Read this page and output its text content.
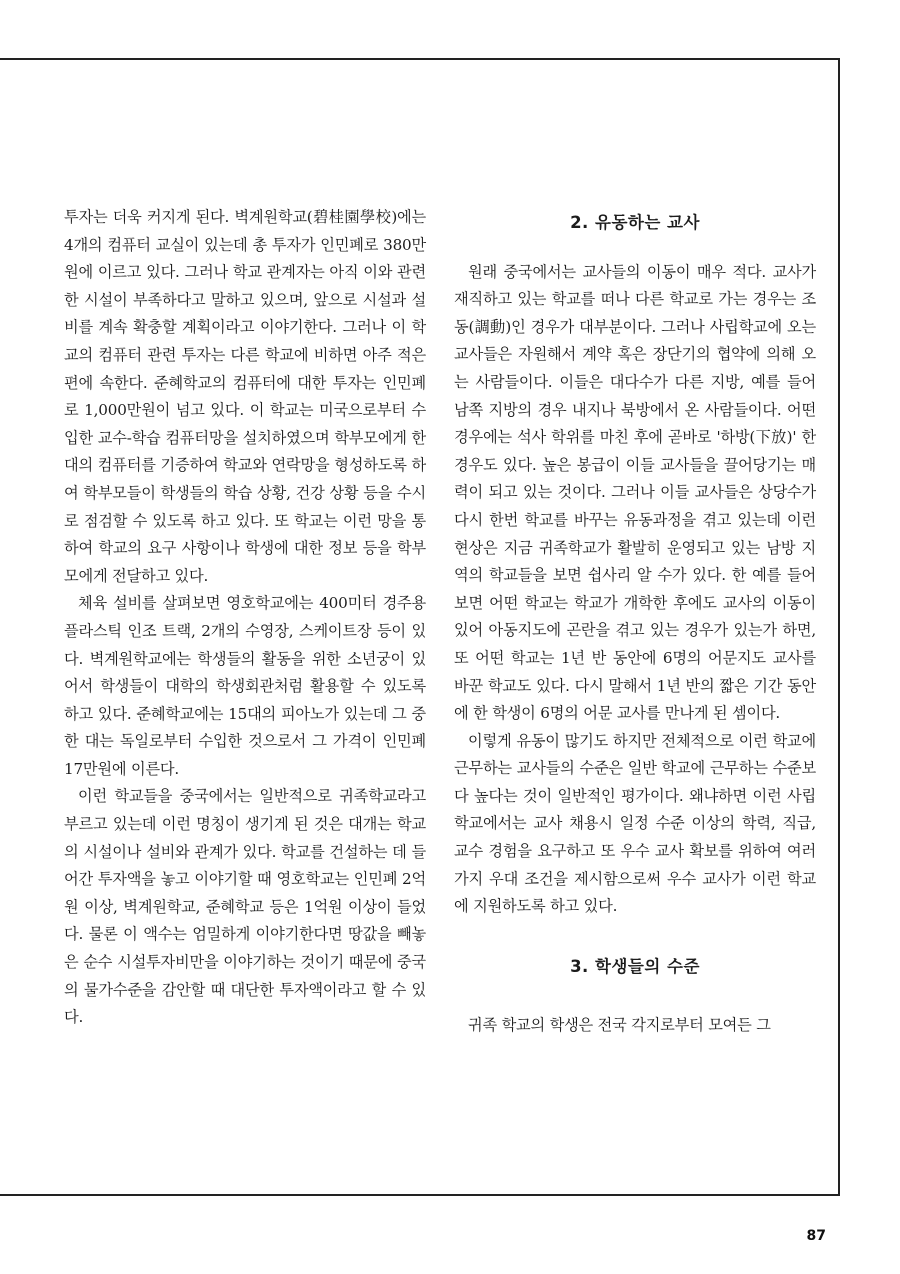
투자는 더욱 커지게 된다. 벽계원학교(碧桂園學校)에는 4개의 컴퓨터 교실이 있는데 총 투자가 인민폐로 380만원에 이르고 있다. 그러나 학교 관계자는 아직 이와 관련한 시설이 부족하다고 말하고 있으며, 앞으로 시설과 설비를 계속 확충할 계획이라고 이야기한다. 그러나 이 학교의 컴퓨터 관련 투자는 다른 학교에 비하면 아주 적은 편에 속한다. 준혜학교의 컴퓨터에 대한 투자는 인민폐로 1,000만원이 넘고 있다. 이 학교는 미국으로부터 수입한 교수-학습 컴퓨터망을 설치하였으며 학부모에게 한 대의 컴퓨터를 기증하여 학교와 연락망을 형성하도록 하여 학부모들이 학생들의 학습 상황, 건강 상황 등을 수시로 점검할 수 있도록 하고 있다. 또 학교는 이런 망을 통하여 학교의 요구 사항이나 학생에 대한 정보 등을 학부모에게 전달하고 있다.

체육 설비를 살펴보면 영호학교에는 400미터 경주용 플라스틱 인조 트랙, 2개의 수영장, 스케이트장 등이 있다. 벽계원학교에는 학생들의 활동을 위한 소년궁이 있어서 학생들이 대학의 학생회관처럼 활용할 수 있도록 하고 있다. 준혜학교에는 15대의 피아노가 있는데 그 중 한 대는 독일로부터 수입한 것으로서 그 가격이 인민폐 17만원에 이른다.

이런 학교들을 중국에서는 일반적으로 귀족학교라고 부르고 있는데 이런 명칭이 생기게 된 것은 대개는 학교의 시설이나 설비와 관계가 있다. 학교를 건설하는 데 들어간 투자액을 놓고 이야기할 때 영호학교는 인민폐 2억원 이상, 벽계원학교, 준혜학교 등은 1억원 이상이 들었다. 물론 이 액수는 엄밀하게 이야기한다면 땅값을 빼놓은 순수 시설투자비만을 이야기하는 것이기 때문에 중국의 물가수준을 감안할 때 대단한 투자액이라고 할 수 있다.

2. 유동하는 교사

원래 중국에서는 교사들의 이동이 매우 적다. 교사가 재직하고 있는 학교를 떠나 다른 학교로 가는 경우는 조동(調動)인 경우가 대부분이다. 그러나 사립학교에 오는 교사들은 자원해서 계약 혹은 장단기의 협약에 의해 오는 사람들이다. 이들은 대다수가 다른 지방, 예를 들어 남쪽 지방의 경우 내지나 북방에서 온 사람들이다. 어떤 경우에는 석사 학위를 마친 후에 곧바로 '하방(下放)' 한 경우도 있다. 높은 봉급이 이들 교사들을 끌어당기는 매력이 되고 있는 것이다. 그러나 이들 교사들은 상당수가 다시 한번 학교를 바꾸는 유동과정을 겪고 있는데 이런 현상은 지금 귀족학교가 활발히 운영되고 있는 남방 지역의 학교들을 보면 쉽사리 알 수가 있다. 한 예를 들어보면 어떤 학교는 학교가 개학한 후에도 교사의 이동이 있어 아동지도에 곤란을 겪고 있는 경우가 있는가 하면, 또 어떤 학교는 1년 반 동안에 6명의 어문지도 교사를 바꾼 학교도 있다. 다시 말해서 1년 반의 짧은 기간 동안에 한 학생이 6명의 어문 교사를 만나게 된 셈이다.

이렇게 유동이 많기도 하지만 전체적으로 이런 학교에 근무하는 교사들의 수준은 일반 학교에 근무하는 수준보다 높다는 것이 일반적인 평가이다. 왜냐하면 이런 사립학교에서는 교사 채용시 일정 수준 이상의 학력, 직급, 교수 경험을 요구하고 또 우수 교사 확보를 위하여 여러 가지 우대 조건을 제시함으로써 우수 교사가 이런 학교에 지원하도록 하고 있다.

3. 학생들의 수준

귀족 학교의 학생은 전국 각지로부터 모여든 그

87
